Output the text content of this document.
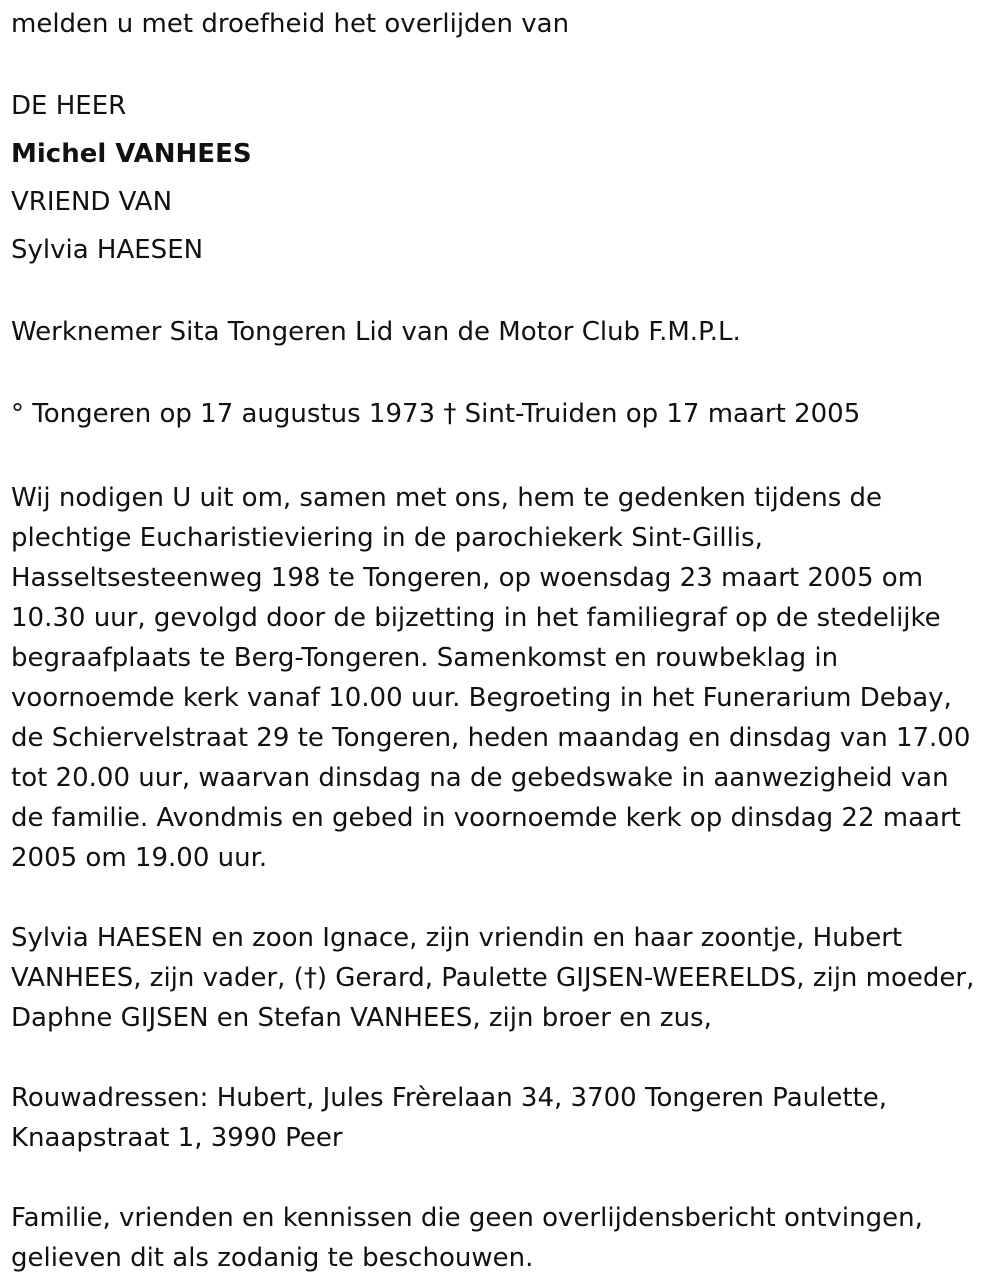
melden u met droefheid het overlijden van
DE HEER
Michel VANHEES
VRIEND VAN
Sylvia HAESEN
Werknemer Sita Tongeren Lid van de Motor Club F.M.P.L.
° Tongeren op 17 augustus 1973 † Sint-Truiden op 17 maart 2005

Wij nodigen U uit om, samen met ons, hem te gedenken tijdens de plechtige Eucharistieviering in de parochiekerk Sint-Gillis, Hasseltsesteenweg 198 te Tongeren, op woensdag 23 maart 2005 om 10.30 uur, gevolgd door de bijzetting in het familiegraf op de stedelijke begraafplaats te Berg-Tongeren. Samenkomst en rouwbeklag in voornoemde kerk vanaf 10.00 uur. Begroeting in het Funerarium Debay, de Schiervelstraat 29 te Tongeren, heden maandag en dinsdag van 17.00 tot 20.00 uur, waarvan dinsdag na de gebedswake in aanwezigheid van de familie. Avondmis en gebed in voornoemde kerk op dinsdag 22 maart 2005 om 19.00 uur.

Sylvia HAESEN en zoon Ignace, zijn vriendin en haar zoontje, Hubert VANHEES, zijn vader, (†) Gerard, Paulette GIJSEN-WEERELDS, zijn moeder, Daphne GIJSEN en Stefan VANHEES, zijn broer en zus,

Rouwadressen: Hubert, Jules Frèrelaan 34, 3700 Tongeren Paulette, Knaapstraat 1, 3990 Peer

Familie, vrienden en kennissen die geen overlijdensbericht ontvingen, gelieven dit als zodanig te beschouwen.
